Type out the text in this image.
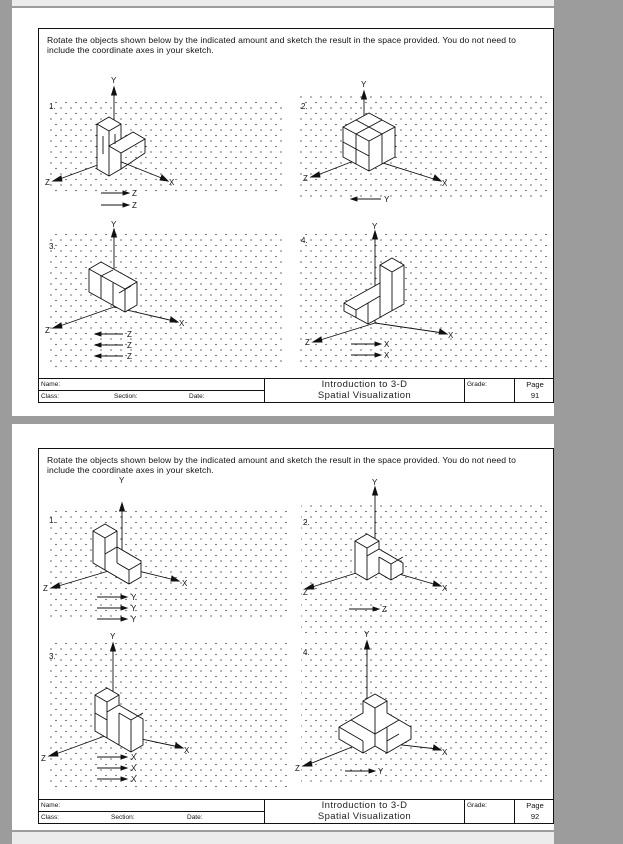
Rotate the objects shown below by the indicated amount and sketch the result in the space provided. You do not need to include the coordinate axes in your sketch.
1.
Y
Z	X
Z
Z
2.
Y
Z
X
Y
3.
Y
Z
X
Z
Z
Z
4.
Y
Z
X
X
X
Name:
Class:	Section:	Date:
Introduction to 3-D
Spatial Visualization
Grade:	Page
91
Rotate the objects shown below by the indicated amount and sketch the result in the space provided. You do not need to include the coordinate axes in your sketch.
1.
Y
Z
X
Y
Y
Y
2.
Y
Z	X
Z
3.
Y
Z
X
X
X
X
4.
Y
Z
X
Y
Name:
Class:	Section:	Date:
Introduction to 3-D
Spatial Visualization
Grade:	Page
92
